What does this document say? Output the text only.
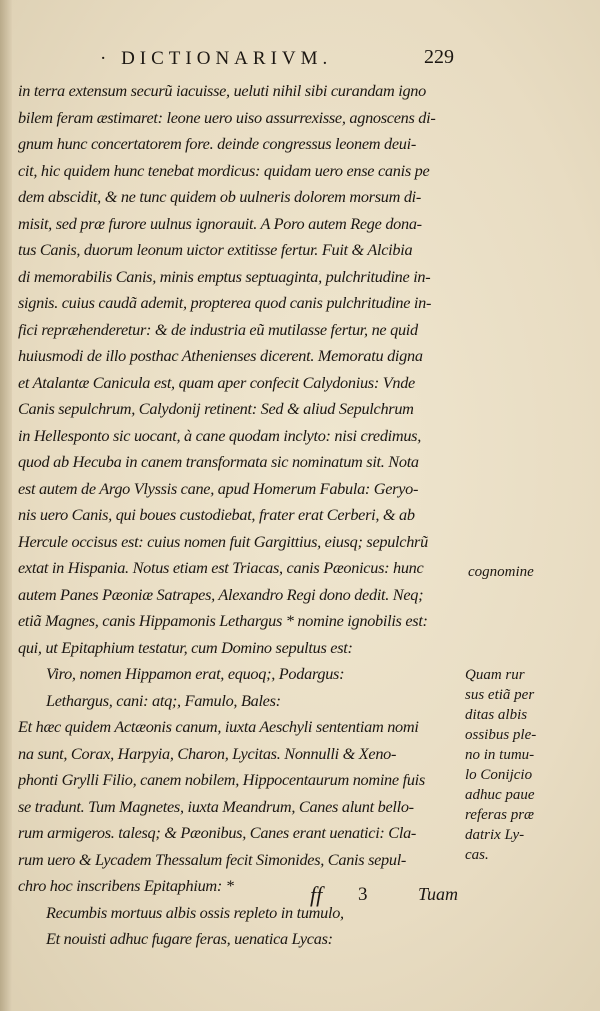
· DICTIONARIVM.	229
in terra extensum securũ iacuisse, ueluti nihil sibi curandam igno
bilem feram æstimaret: leone uero uiso assurrexisse, agnoscens di-
gnum hunc concertatorem fore. deinde congressus leonem deui-
cit, hic quidem hunc tenebat mordicus: quidam uero ense canis pe
dem abscidit, & ne tunc quidem ob uulneris dolorem morsum di-
misit, sed præ furore uulnus ignorauit. A Poro autem Rege dona-
tus Canis, duorum leonum uictor extitisse fertur. Fuit & Alcibia
di memorabilis Canis, minis emptus septuaginta, pulchritudine in-
signis. cuius caudã ademit, propterea quod canis pulchritudine in-
fici repræhenderetur: & de industria eũ mutilasse fertur, ne quid
huiusmodi de illo posthac Athenienses dicerent. Memoratu digna
et Atalantæ Canicula est, quam aper confecit Calydonius: Vnde
Canis sepulchrum, Calydonij retinent: Sed & aliud Sepulchrum
in Hellesponto sic uocant, à cane quodam inclyto: nisi credimus,
quod ab Hecuba in canem transformata sic nominatum sit. Nota
est autem de Argo Vlyssis cane, apud Homerum Fabula: Geryo-
nis uero Canis, qui boues custodiebat, frater erat Cerberi, & ab
Hercule occisus est: cuius nomen fuit Gargittius, eiusq; sepulchrũ
extat in Hispania. Notus etiam est Triacas, canis Pæonicus: hunc
autem Panes Pæoniæ Satrapes, Alexandro Regi dono dedit. Neq;
etiã Magnes, canis Hippamonis Lethargus * nomine ignobilis est:
qui, ut Epitaphium testatur, cum Domino sepultus est:
Viro, nomen Hippamon erat, equoq;, Podargus:
Lethargus, cani: atq;, Famulo, Bales:
Et hæc quidem Actæonis canum, iuxta Aeschyli sententiam nomi
na sunt, Corax, Harpyia, Charon, Lycitas. Nonnulli & Xeno-
phonti Grylli Filio, canem nobilem, Hippocentaurum nomine fuis
se tradunt. Tum Magnetes, iuxta Meandrum, Canes alunt bello-
rum armigeros. talesq; & Pæonibus, Canes erant uenatici: Cla-
rum uero & Lycadem Thessalum fecit Simonides, Canis sepul-
chro hoc inscribens Epitaphium: *
Recumbis mortuus albis ossis repleto in tumulo,
Et nouisti adhuc fugare feras, uenatica Lycas:
cognomine
Quam rur
sus etiã per
ditas albis
ossibus ple-
no in tumu-
lo Conijcio
adhuc paue
referas præ
datrix Ly-
cas.
ff 3	Tuam
